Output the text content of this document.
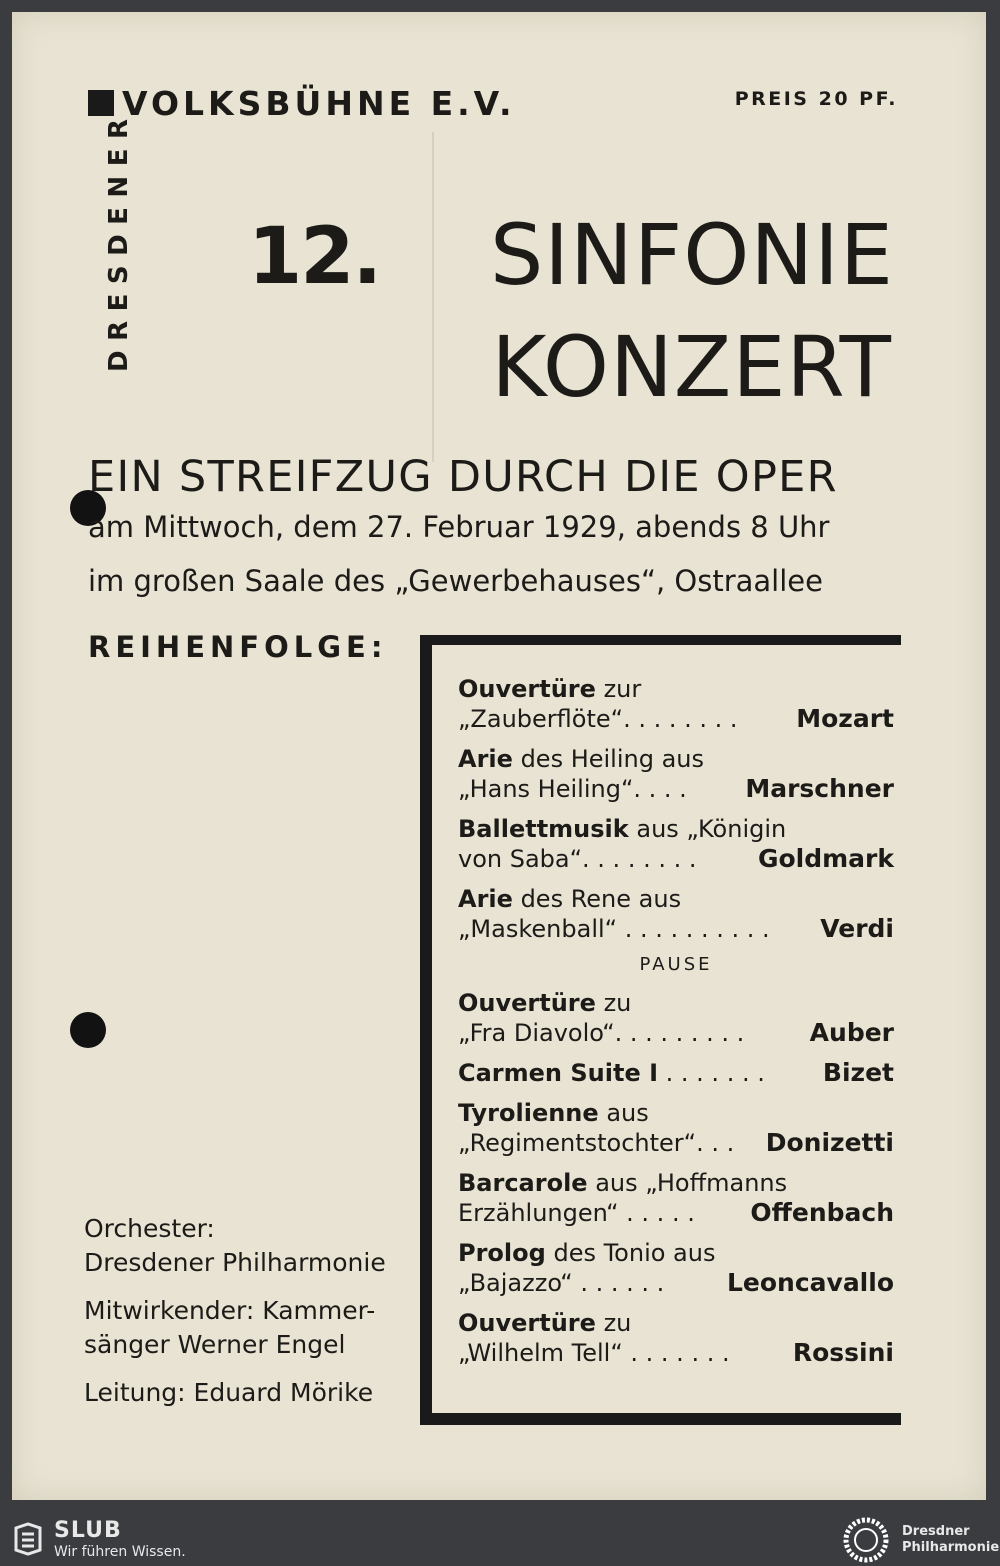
VOLKSBÜHNE E.V.	PREIS 20 PF.
DRESDENER 12. SINFONIE
KONZERT
EIN STREIFZUG DURCH DIE OPER
am Mittwoch, dem 27. Februar 1929, abends 8 Uhr
im großen Saale des „Gewerbehauses“, Ostraallee
REIHENFOLGE:
Ouvertüre zur
„Zauberflöte“. . . . . . . . Mozart
Arie des Heiling aus
„Hans Heiling“. . . . Marschner
Ballettmusik aus „Königin
von Saba“. . . . . . . . Goldmark
Arie des Rene aus
„Maskenball“ . . . . . . . . . . Verdi
PAUSE
Ouvertüre zu
„Fra Diavolo“. . . . . . . . .	Auber
Carmen Suite I . . . . . . . Bizet
Tyrolienne aus
„Regimentstochter“. . . Donizetti
Barcarole aus „Hoffmanns
Erzählungen“ . . . . . Offenbach
Prolog des Tonio aus
„Bajazzo“ . . . . . .	Leoncavallo
Ouvertüre zu
„Wilhelm Tell“ . . . . . . .	Rossini
Orchester:
Dresdener Philharmonie
Mitwirkender: Kammer-
sänger Werner Engel
Leitung: Eduard Mörike
SLUB
Wir führen Wissen.
Dresdner
Philharmonie
